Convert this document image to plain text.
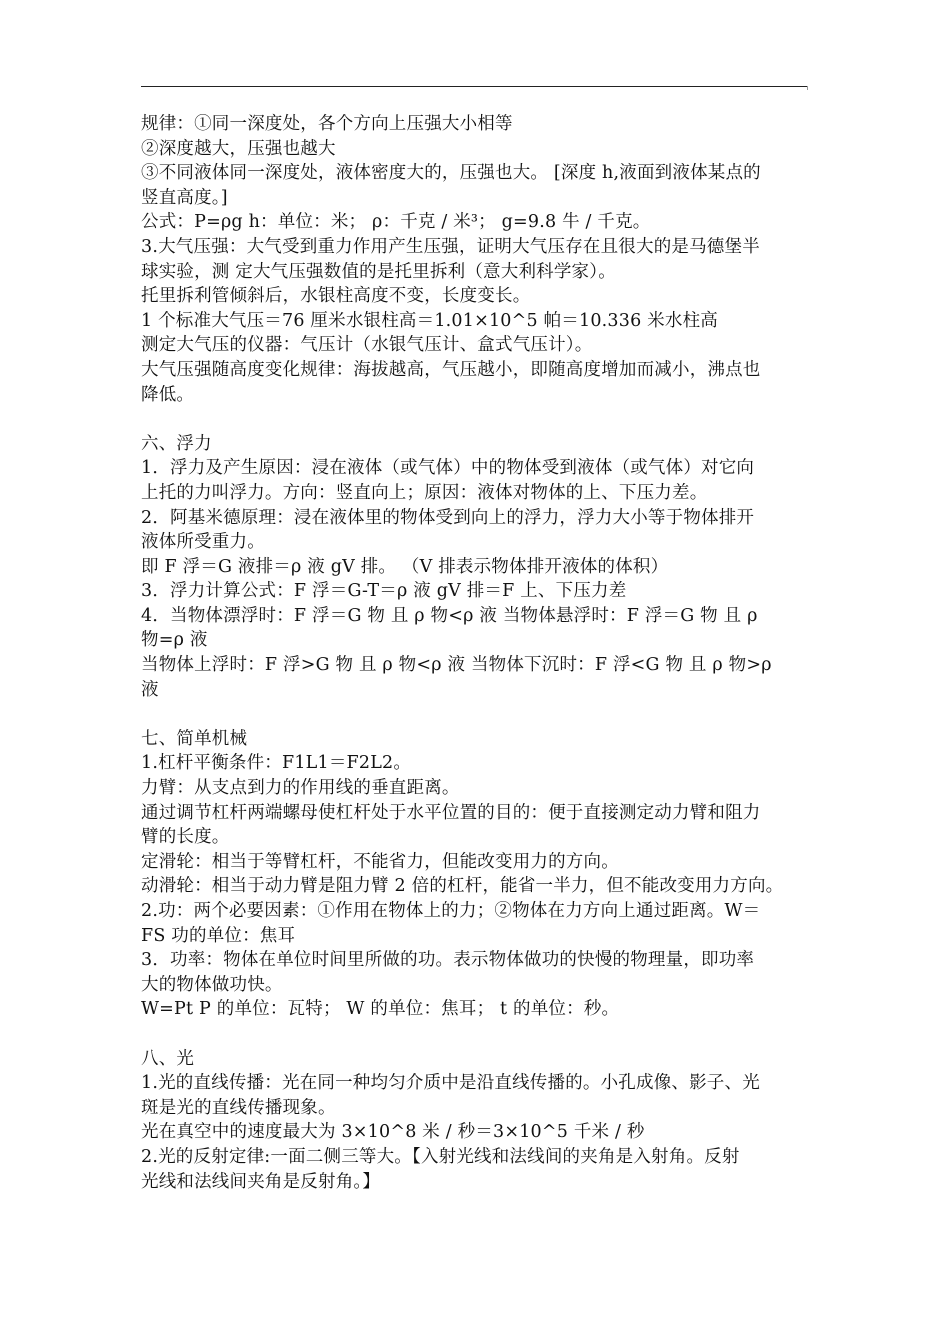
规律：①同一深度处，各个方向上压强大小相等
②深度越大，压强也越大
③不同液体同一深度处，液体密度大的，压强也大。 [深度 h,液面到液体某点的
竖直高度。]
公式：P=ρg h：单位：米； ρ：千克 / 米³； g=9.8 牛 / 千克。
3.大气压强：大气受到重力作用产生压强，证明大气压存在且很大的是马德堡半
球实验，测 定大气压强数值的是托里拆利（意大利科学家）。
托里拆利管倾斜后，水银柱高度不变，长度变长。
1 个标准大气压＝76 厘米水银柱高＝1.01×10^5 帕＝10.336 米水柱高
测定大气压的仪器：气压计（水银气压计、盒式气压计）。
大气压强随高度变化规律：海拔越高，气压越小，即随高度增加而减小，沸点也
降低。
六、浮力
1．浮力及产生原因：浸在液体（或气体）中的物体受到液体（或气体）对它向
上托的力叫浮力。方向：竖直向上；原因：液体对物体的上、下压力差。
2．阿基米德原理：浸在液体里的物体受到向上的浮力，浮力大小等于物体排开
液体所受重力。
即 F 浮＝G 液排＝ρ 液 gV 排。 （V 排表示物体排开液体的体积）
3．浮力计算公式：F 浮＝G-T＝ρ 液 gV 排＝F 上、下压力差
4．当物体漂浮时：F 浮＝G 物 且 ρ 物<ρ 液 当物体悬浮时：F 浮＝G 物 且 ρ
物=ρ 液
当物体上浮时：F 浮>G 物 且 ρ 物<ρ 液 当物体下沉时：F 浮<G 物 且 ρ 物>ρ
液
七、简单机械
1.杠杆平衡条件：F1L1＝F2L2。
力臂：从支点到力的作用线的垂直距离。
通过调节杠杆两端螺母使杠杆处于水平位置的目的：便于直接测定动力臂和阻力
臂的长度。
定滑轮：相当于等臂杠杆，不能省力，但能改变用力的方向。
动滑轮：相当于动力臂是阻力臂 2 倍的杠杆，能省一半力，但不能改变用力方向。
2.功：两个必要因素：①作用在物体上的力；②物体在力方向上通过距离。W＝
FS 功的单位：焦耳
3．功率：物体在单位时间里所做的功。表示物体做功的快慢的物理量，即功率
大的物体做功快。
W=Pt P 的单位：瓦特； W 的单位：焦耳； t 的单位：秒。
八、光
1.光的直线传播：光在同一种均匀介质中是沿直线传播的。小孔成像、影子、光
斑是光的直线传播现象。
光在真空中的速度最大为 3×10^8 米 / 秒＝3×10^5 千米 / 秒
2.光的反射定律:一面二侧三等大。【入射光线和法线间的夹角是入射角。反射
光线和法线间夹角是反射角。】
